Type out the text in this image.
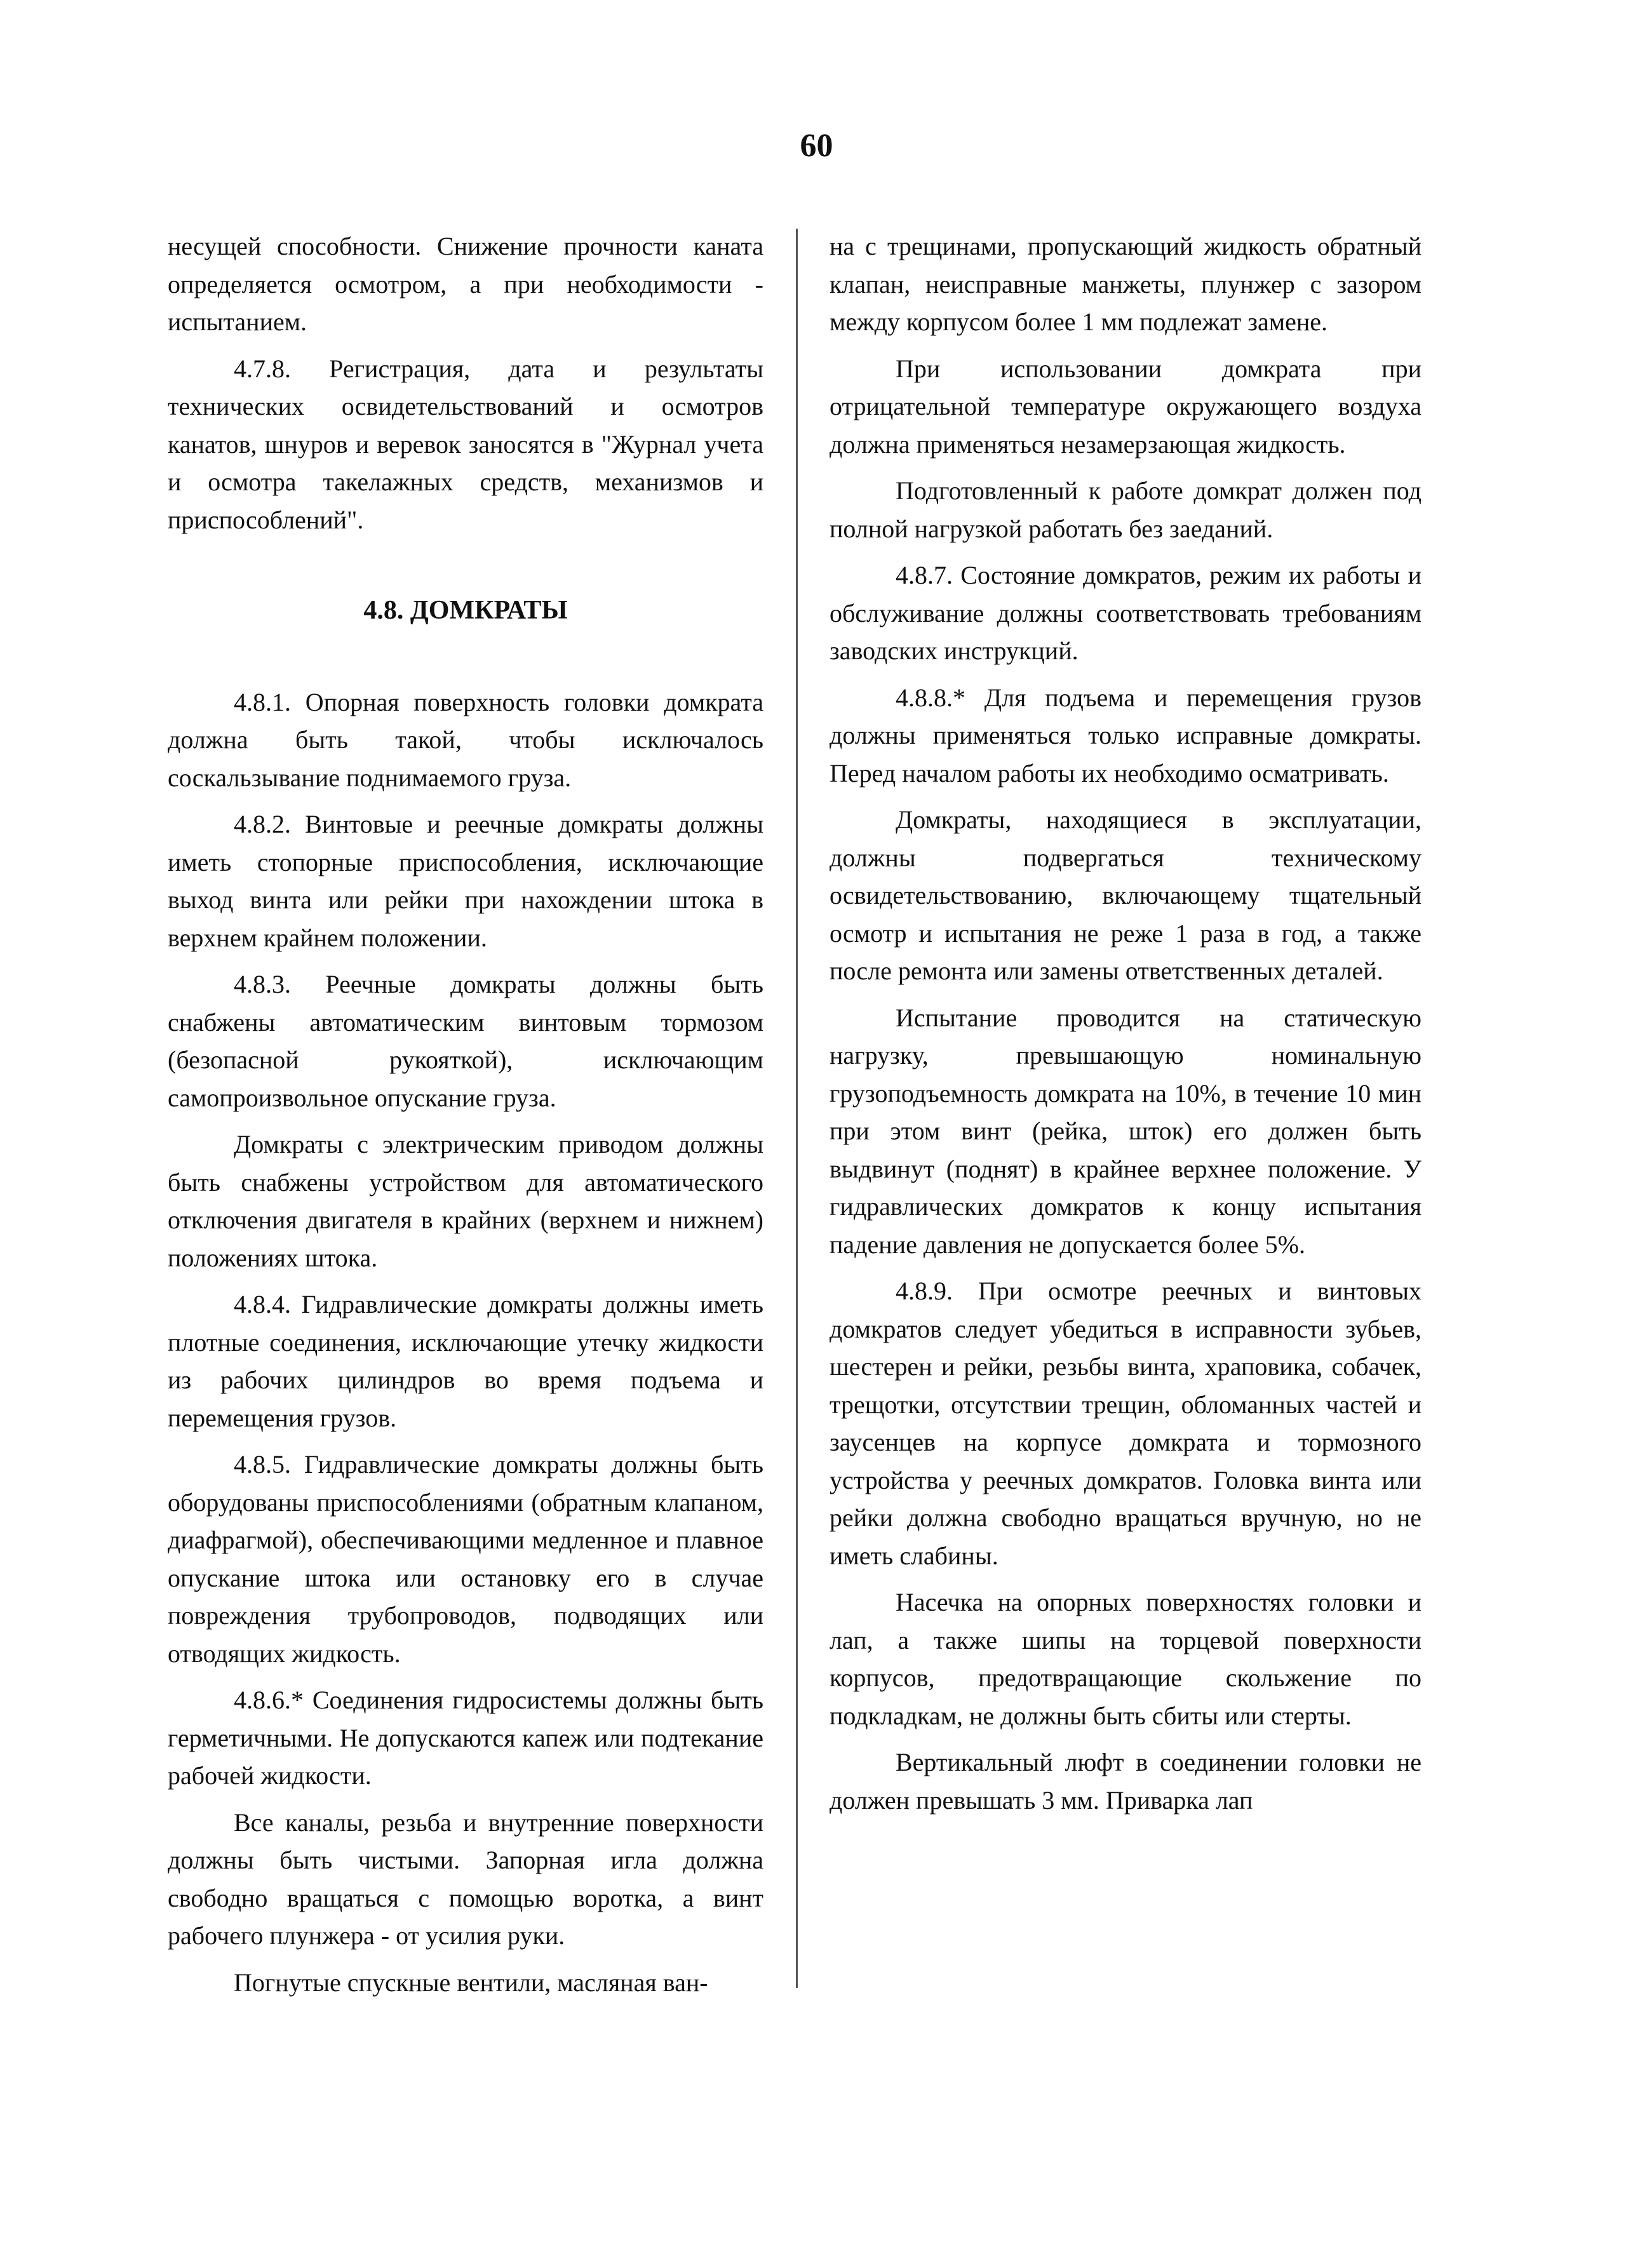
60

несущей способности. Снижение прочности каната определяется осмотром, а при необходимости - испытанием.

4.7.8. Регистрация, дата и результаты технических освидетельствований и осмотров канатов, шнуров и веревок заносятся в "Журнал учета и осмотра такелажных средств, механизмов и приспособлений".

4.8. ДОМКРАТЫ

4.8.1. Опорная поверхность головки домкрата должна быть такой, чтобы исключалось соскальзывание поднимаемого груза.

4.8.2. Винтовые и реечные домкраты должны иметь стопорные приспособления, исключающие выход винта или рейки при нахождении штока в верхнем крайнем положении.

4.8.3. Реечные домкраты должны быть снабжены автоматическим винтовым тормозом (безопасной рукояткой), исключающим самопроизвольное опускание груза.

Домкраты с электрическим приводом должны быть снабжены устройством для автоматического отключения двигателя в крайних (верхнем и нижнем) положениях штока.

4.8.4. Гидравлические домкраты должны иметь плотные соединения, исключающие утечку жидкости из рабочих цилиндров во время подъема и перемещения грузов.

4.8.5. Гидравлические домкраты должны быть оборудованы приспособлениями (обратным клапаном, диафрагмой), обеспечивающими медленное и плавное опускание штока или остановку его в случае повреждения трубопроводов, подводящих или отводящих жидкость.

4.8.6.* Соединения гидросистемы должны быть герметичными. Не допускаются капеж или подтекание рабочей жидкости.

Все каналы, резьба и внутренние поверхности должны быть чистыми. Запорная игла должна свободно вращаться с помощью воротка, а винт рабочего плунжера - от усилия руки.

Погнутые спускные вентили, масляная ван-

на с трещинами, пропускающий жидкость обратный клапан, неисправные манжеты, плунжер с зазором между корпусом более 1 мм подлежат замене.

При использовании домкрата при отрицательной температуре окружающего воздуха должна применяться незамерзающая жидкость.

Подготовленный к работе домкрат должен под полной нагрузкой работать без заеданий.

4.8.7. Состояние домкратов, режим их работы и обслуживание должны соответствовать требованиям заводских инструкций.

4.8.8.* Для подъема и перемещения грузов должны применяться только исправные домкраты. Перед началом работы их необходимо осматривать.

Домкраты, находящиеся в эксплуатации, должны подвергаться техническому освидетельствованию, включающему тщательный осмотр и испытания не реже 1 раза в год, а также после ремонта или замены ответственных деталей.

Испытание проводится на статическую нагрузку, превышающую номинальную грузоподъемность домкрата на 10%, в течение 10 мин при этом винт (рейка, шток) его должен быть выдвинут (поднят) в крайнее верхнее положение. У гидравлических домкратов к концу испытания падение давления не допускается более 5%.

4.8.9. При осмотре реечных и винтовых домкратов следует убедиться в исправности зубьев, шестерен и рейки, резьбы винта, храповика, собачек, трещотки, отсутствии трещин, обломанных частей и заусенцев на корпусе домкрата и тормозного устройства у реечных домкратов. Головка винта или рейки должна свободно вращаться вручную, но не иметь слабины.

Насечка на опорных поверхностях головки и лап, а также шипы на торцевой поверхности корпусов, предотвращающие скольжение по подкладкам, не должны быть сбиты или стерты.

Вертикальный люфт в соединении головки не должен превышать 3 мм. Приварка лап
